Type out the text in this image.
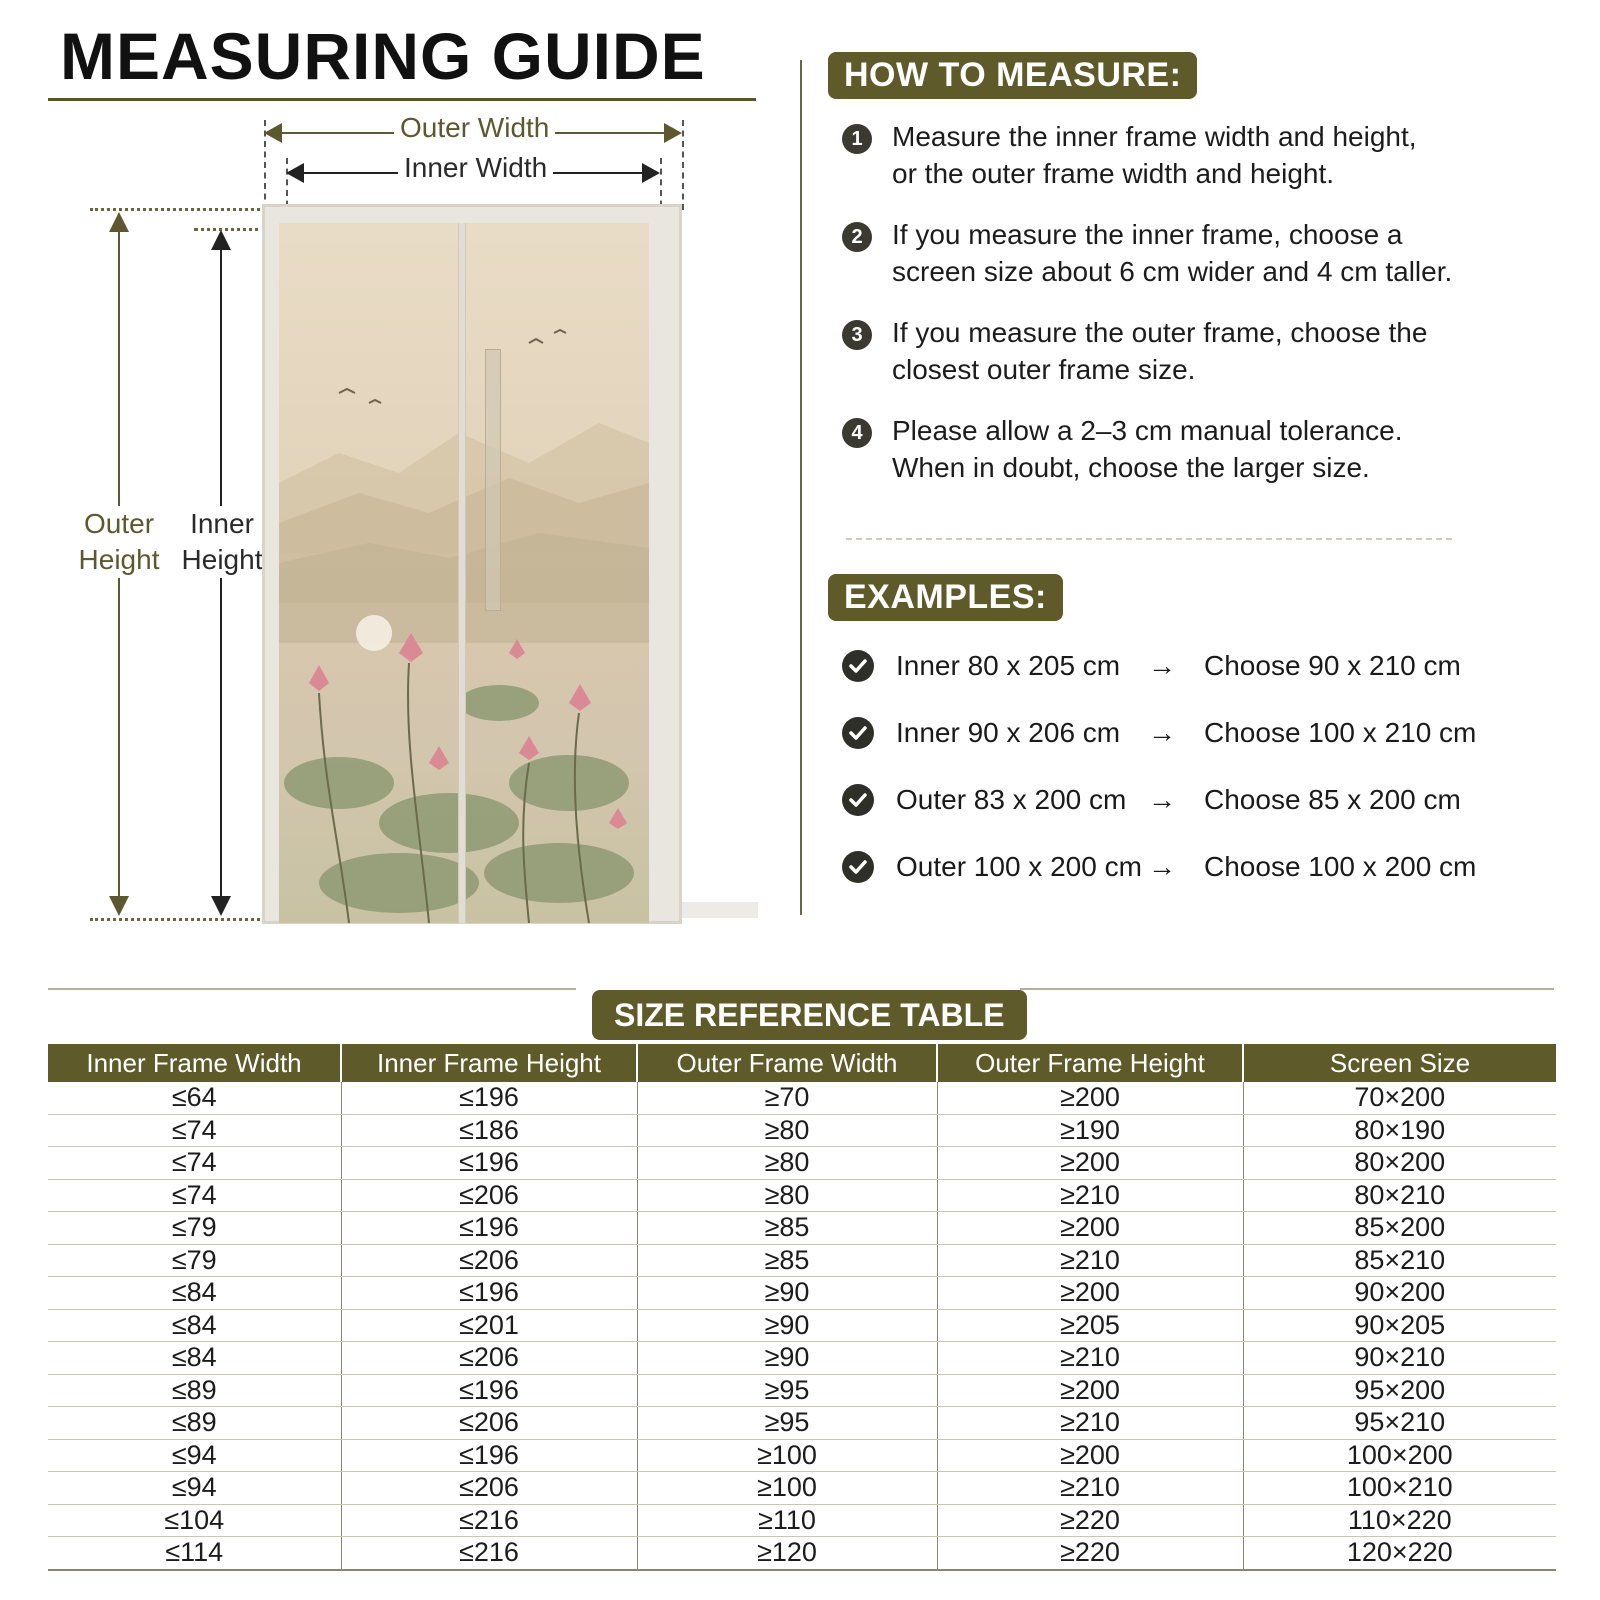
MEASURING GUIDE
Outer Width
Inner Width
Outer
Height
Inner
Height
HOW TO MEASURE:
1	Measure the inner frame width and height,
or the outer frame width and height.
2	If you measure the inner frame, choose a
screen size about 6 cm wider and 4 cm taller.
3	If you measure the outer frame, choose the
closest outer frame size.
4	Please allow a 2–3 cm manual tolerance.
When in doubt, choose the larger size.
EXAMPLES:
Inner 80 x 205 cm →	Choose 90 x 210 cm
Inner 90 x 206 cm →	Choose 100 x 210 cm
Outer 83 x 200 cm →	Choose 85 x 200 cm
Outer 100 x 200 cm →	Choose 100 x 200 cm
SIZE REFERENCE TABLE
Inner Frame Width	Inner Frame Height	Outer Frame Width	Outer Frame Height	Screen Size
≤64	≤196	≥70	≥200	70×200
≤74	≤186	≥80	≥190	80×190
≤74	≤196	≥80	≥200	80×200
≤74	≤206	≥80	≥210	80×210
≤79	≤196	≥85	≥200	85×200
≤79	≤206	≥85	≥210	85×210
≤84	≤196	≥90	≥200	90×200
≤84	≤201	≥90	≥205	90×205
≤84	≤206	≥90	≥210	90×210
≤89	≤196	≥95	≥200	95×200
≤89	≤206	≥95	≥210	95×210
≤94	≤196	≥100	≥200	100×200
≤94	≤206	≥100	≥210	100×210
≤104	≤216	≥110	≥220	110×220
≤114	≤216	≥120	≥220	120×220
